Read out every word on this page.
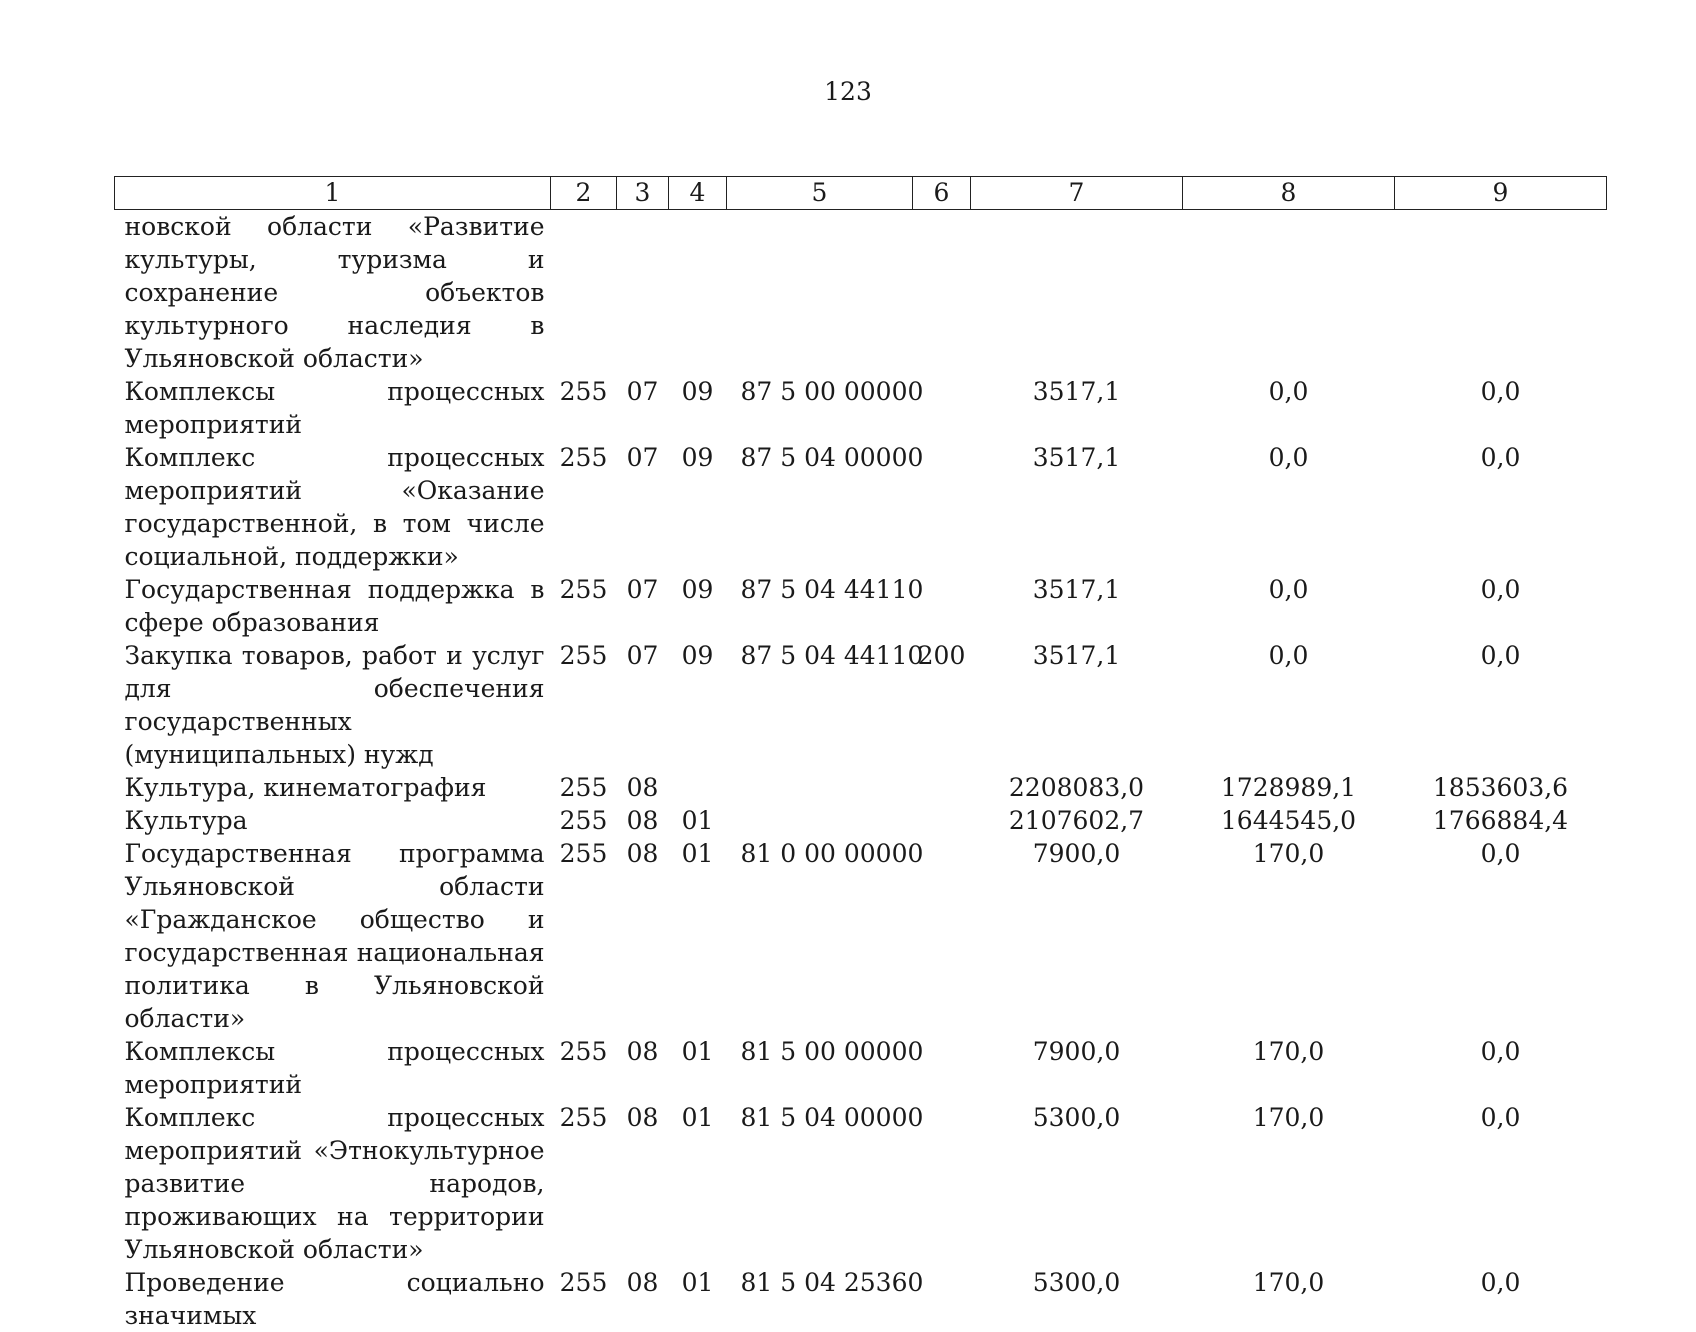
123
1	2	3	4	5	6	7	8	9
новской области «Развитие культуры, туризма и сохранение объектов культурного наследия в Ульяновской области»								
Комплексы процессных мероприятий	255	07	09	87 5 00 00000		3517,1	0,0	0,0
Комплекс процессных мероприятий «Оказание государственной, в том числе социальной, поддержки»	255	07	09	87 5 04 00000		3517,1	0,0	0,0
Государственная поддержка в сфере образования	255	07	09	87 5 04 44110		3517,1	0,0	0,0
Закупка товаров, работ и услуг для обеспечения государственных (муниципальных) нужд	255	07	09	87 5 04 44110	200	3517,1	0,0	0,0
Культура, кинематография	255	08				2208083,0	1728989,1	1853603,6
Культура	255	08	01			2107602,7	1644545,0	1766884,4
Государственная программа Ульяновской области «Гражданское общество и государственная национальная политика в Ульяновской области»	255	08	01	81 0 00 00000		7900,0	170,0	0,0
Комплексы процессных мероприятий	255	08	01	81 5 00 00000		7900,0	170,0	0,0
Комплекс процессных мероприятий «Этнокультурное развитие народов, проживающих на территории Ульяновской области»	255	08	01	81 5 04 00000		5300,0	170,0	0,0
Проведение социально значимых	255	08	01	81 5 04 25360		5300,0	170,0	0,0
